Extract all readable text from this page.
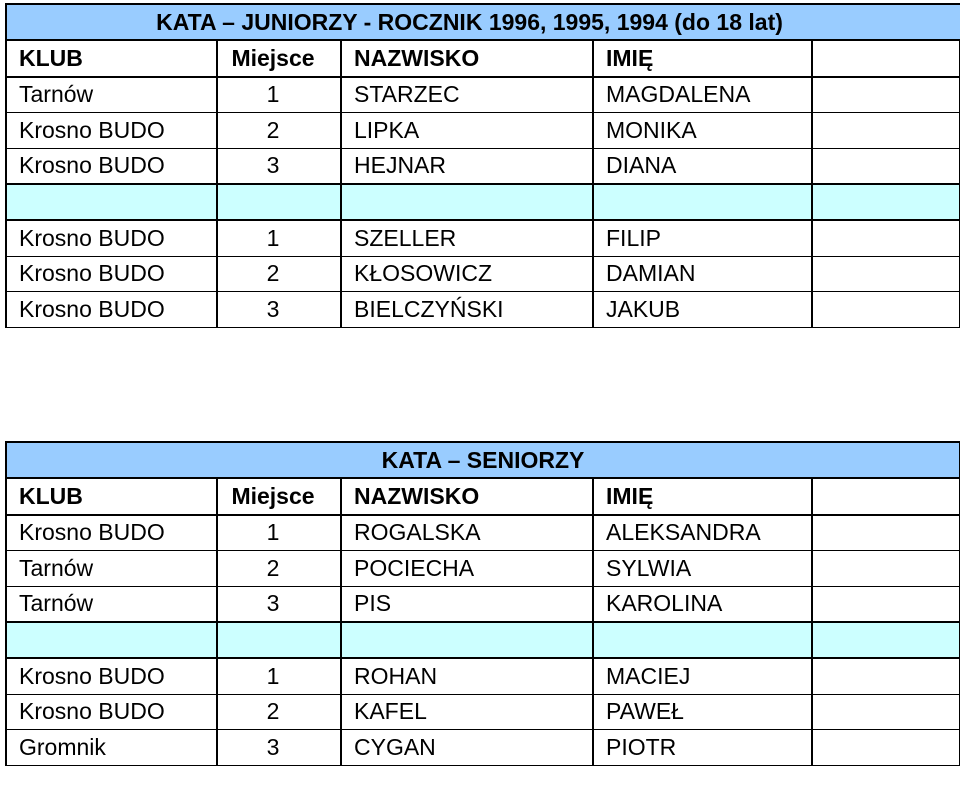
KATA – JUNIORZY - ROCZNIK 1996, 1995, 1994 (do 18 lat)				
KLUB	Miejsce	NAZWISKO	IMIĘ	
Tarnów	1	STARZEC	MAGDALENA	
Krosno BUDO	2	LIPKA	MONIKA	
Krosno BUDO	3	HEJNAR	DIANA	

Krosno BUDO	1	SZELLER	FILIP	
Krosno BUDO	2	KŁOSOWICZ	DAMIAN	
Krosno BUDO	3	BIELCZYŃSKI	JAKUB	
KATA – SENIORZY				
KLUB	Miejsce	NAZWISKO	IMIĘ	
Krosno BUDO	1	ROGALSKA	ALEKSANDRA	
Tarnów	2	POCIECHA	SYLWIA	
Tarnów	3	PIS	KAROLINA	

Krosno BUDO	1	ROHAN	MACIEJ	
Krosno BUDO	2	KAFEL	PAWEŁ	
Gromnik	3	CYGAN	PIOTR	
